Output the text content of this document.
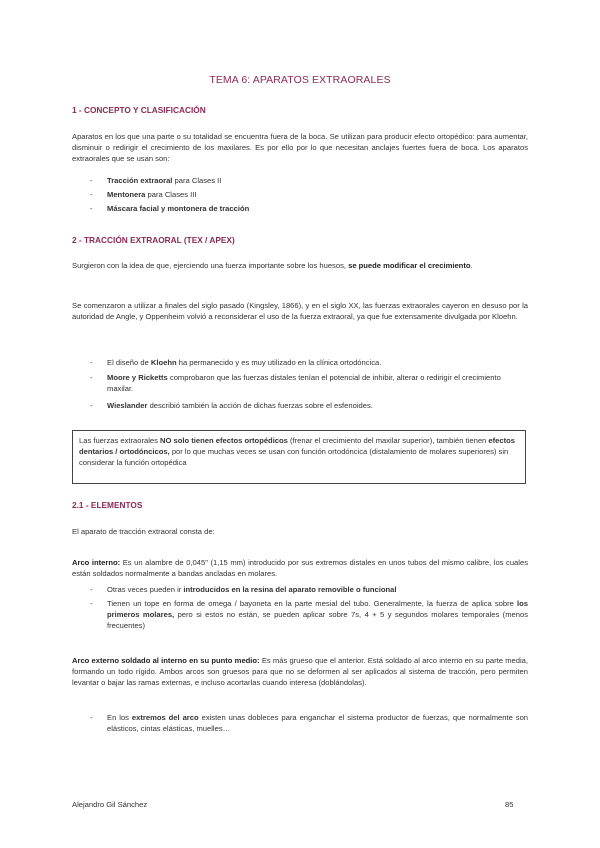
TEMA 6: APARATOS EXTRAORALES
1 - CONCEPTO Y CLASIFICACIÓN
Aparatos en los que una parte o su totalidad se encuentra fuera de la boca. Se utilizan para producir efecto ortopédico: para aumentar, disminuir o redirigir el crecimiento de los maxilares. Es por ello por lo que necesitan anclajes fuertes fuera de boca. Los aparatos extraorales que se usan son:
-	Tracción extraoral para Clases II
-	Mentonera para Clases III
-	Máscara facial y montonera de tracción
2 - TRACCIÓN EXTRAORAL (TEX / APEX)
Surgieron con la idea de que, ejerciendo una fuerza importante sobre los huesos, se puede modificar el crecimiento.
Se comenzaron a utilizar a finales del siglo pasado (Kingsley, 1866), y en el siglo XX, las fuerzas extraorales cayeron en desuso por la autoridad de Angle, y Oppenheim volvió a reconsiderar el uso de la fuerza extraoral, ya que fue extensamente divulgada por Kloehn.
-	El diseño de Kloehn ha permanecido y es muy utilizado en la clínica ortodóncica.
-	Moore y Ricketts comprobaron que las fuerzas distales tenían el potencial de inhibir, alterar o redirigir el crecimiento maxilar.
-	Wieslander describió también la acción de dichas fuerzas sobre el esfenoides.
Las fuerzas extraorales NO solo tienen efectos ortopédicos (frenar el crecimiento del maxilar superior), también tienen efectos dentarios / ortodóncicos, por lo que muchas veces se usan con función ortodóncica (distalamiento de molares superiores) sin considerar la función ortopédica
2.1 - ELEMENTOS
El aparato de tracción extraoral consta de:
Arco interno: Es un alambre de 0,045" (1,15 mm) introducido por sus extremos distales en unos tubos del mismo calibre, los cuales están soldados normalmente a bandas ancladas en molares.
-	Otras veces pueden ir introducidos en la resina del aparato removible o funcional
-	Tienen un tope en forma de omega / bayoneta en la parte mesial del tubo. Generalmente, la fuerza de aplica sobre los primeros molares, pero si estos no están, se pueden aplicar sobre 7s, 4 + 5 y segundos molares temporales (menos frecuentes)
Arco externo soldado al interno en su punto medio: Es más grueso que el anterior. Está soldado al arco interno en su parte media, formando un todo rígido. Ambos arcos son gruesos para que no se deformen al ser aplicados al sistema de tracción, pero permiten levantar o bajar las ramas externas, e incluso acortarlas cuando interesa (doblándolas).
-	En los extremos del arco existen unas dobleces para enganchar el sistema productor de fuerzas, que normalmente son elásticos, cintas elásticas, muelles…
Alejandro Gil Sánchez	85
